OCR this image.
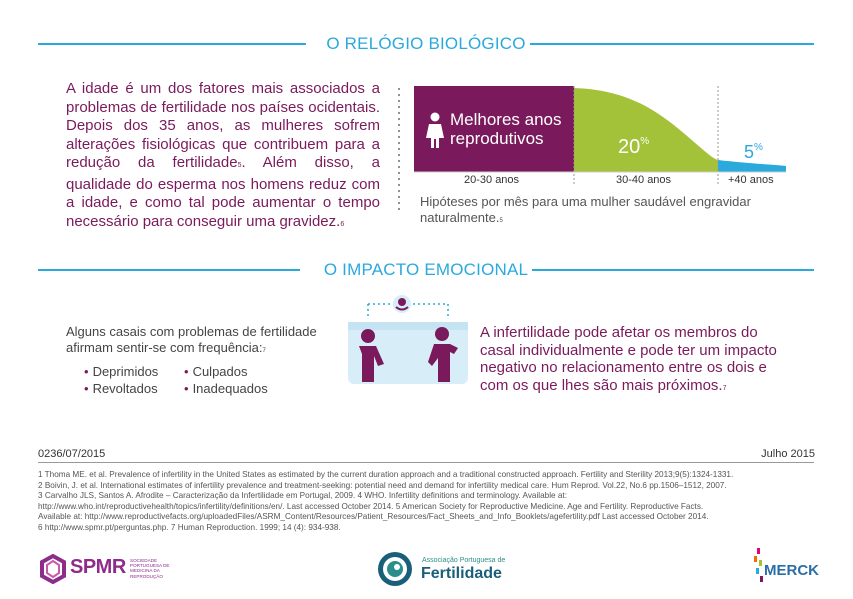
O RELÓGIO BIOLÓGICO
A idade é um dos fatores mais associados a problemas de fertilidade nos países ocidentais. Depois dos 35 anos, as mulheres sofrem alterações fisiológicas que contribuem para a redução da fertilidade5. Além disso, a qualidade do esperma nos homens reduz com a idade, e como tal pode aumentar o tempo necessário para conseguir uma gravidez.6
Melhores anos reprodutivos	20%
5%
20-30 anos	30-40 anos	+40 anos
Hipóteses por mês para uma mulher saudável engravidar naturalmente.5
O IMPACTO EMOCIONAL
Alguns casais com problemas de fertilidade afirmam sentir-se com frequência:7
• Deprimidos • Culpados
• Revoltados • Inadequados
A infertilidade pode afetar os membros do casal individualmente e pode ter um impacto negativo no relacionamento entre os dois e com os que lhes são mais próximos.7
0236/07/2015	Julho 2015
1 Thoma ME. et al. Prevalence of infertility in the United States as estimated by the current duration approach and a traditional constructed approach. Fertility and Sterility 2013;9(5):1324-1331.
2 Boivin, J. et al. International estimates of infertility prevalence and treatment-seeking: potential need and demand for infertility medical care. Hum Reprod. Vol.22, No.6 pp.1506–1512, 2007.
3 Carvalho JLS, Santos A. Afrodite – Caracterização da Infertilidade em Portugal, 2009. 4 WHO. Infertility definitions and terminology. Available at:
http://www.who.int/reproductivehealth/topics/infertility/definitions/en/. Last accessed October 2014. 5 American Society for Reproductive Medicine. Age and Fertility. Reproductive Facts.
Available at: http://www.reproductivefacts.org/uploadedFiles/ASRM_Content/Resources/Patient_Resources/Fact_Sheets_and_Info_Booklets/agefertility.pdf Last accessed October 2014.
6 http://www.spmr.pt/perguntas.php. 7 Human Reproduction. 1999; 14 (4): 934-938.
SPMR SOCIEDADE PORTUGUESA DE MEDICINA DA REPRODUÇÃO
Associação Portuguesa de
Fertilidade	MERCK
